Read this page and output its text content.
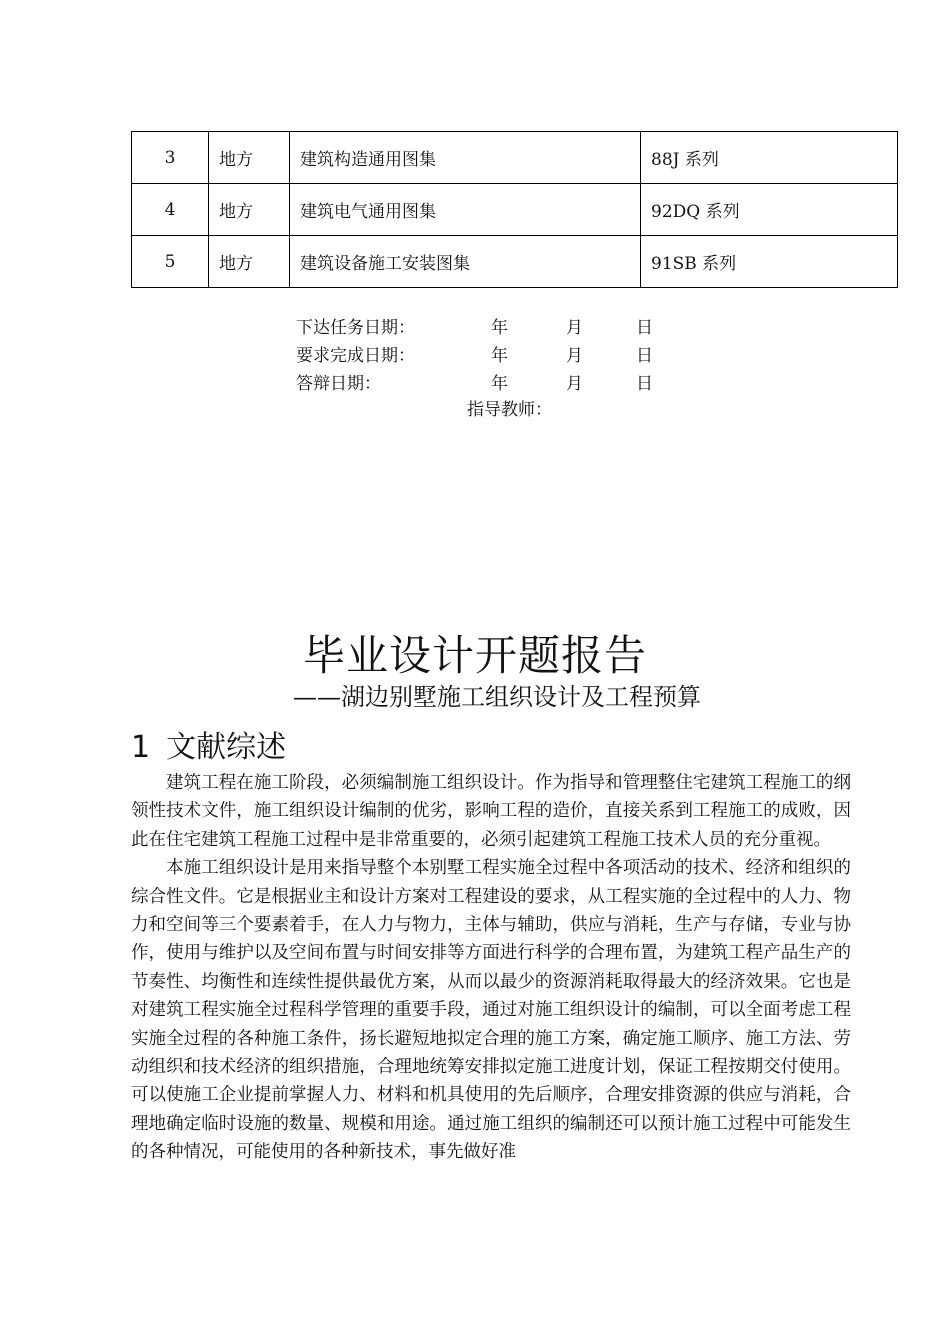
3	地方	建筑构造通用图集	88J 系列
4	地方	建筑电气通用图集	92DQ 系列
5	地方	建筑设备施工安装图集	91SB 系列
下达任务日期：	年	月	日
要求完成日期：	年	月	日
答辩日期：	年	月	日
指导教师：
毕业设计开题报告
——湖边别墅施工组织设计及工程预算
1 文献综述

建筑工程在施工阶段，必须编制施工组织设计。作为指导和管理整住宅建筑工程施工的纲领性技术文件，施工组织设计编制的优劣，影响工程的造价，直接关系到工程施工的成败，因此在住宅建筑工程施工过程中是非常重要的，必须引起建筑工程施工技术人员的充分重视。

本施工组织设计是用来指导整个本别墅工程实施全过程中各项活动的技术、经济和组织的综合性文件。它是根据业主和设计方案对工程建设的要求，从工程实施的全过程中的人力、物力和空间等三个要素着手，在人力与物力，主体与辅助，供应与消耗，生产与存储，专业与协作，使用与维护以及空间布置与时间安排等方面进行科学的合理布置，为建筑工程产品生产的节奏性、均衡性和连续性提供最优方案，从而以最少的资源消耗取得最大的经济效果。它也是对建筑工程实施全过程科学管理的重要手段，通过对施工组织设计的编制，可以全面考虑工程实施全过程的各种施工条件，扬长避短地拟定合理的施工方案，确定施工顺序、施工方法、劳动组织和技术经济的组织措施，合理地统筹安排拟定施工进度计划，保证工程按期交付使用。可以使施工企业提前掌握人力、材料和机具使用的先后顺序，合理安排资源的供应与消耗，合理地确定临时设施的数量、规模和用途。通过施工组织的编制还可以预计施工过程中可能发生的各种情况，可能使用的各种新技术，事先做好准
